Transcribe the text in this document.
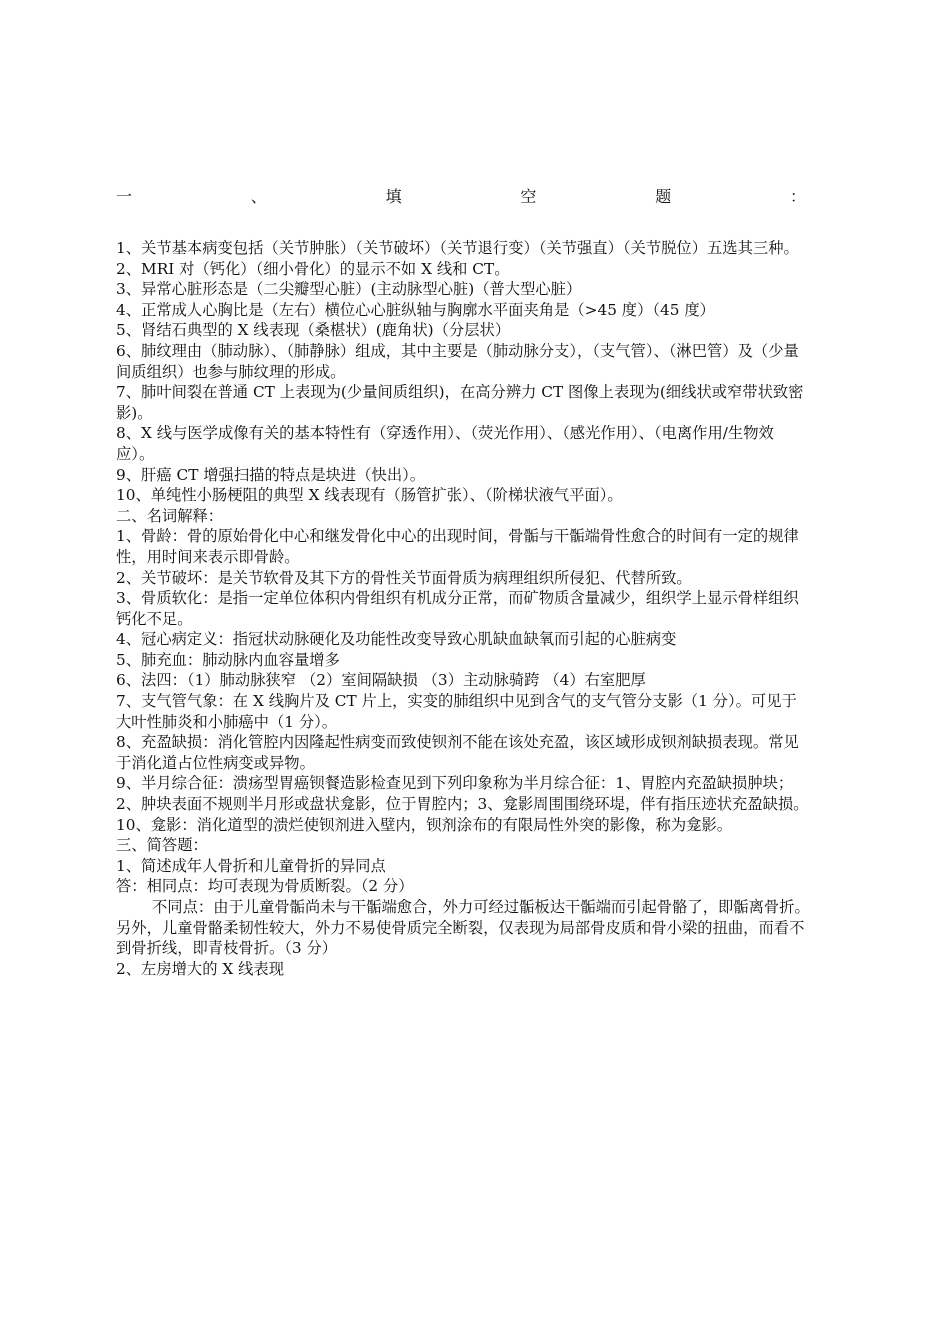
一	、	填	空	题	：

1、关节基本病变包括（关节肿胀）（关节破坏）（关节退行变）（关节强直）（关节脱位）五选其三种。

2、MRI 对（钙化）（细小骨化）的显示不如 X 线和 CT。

3、异常心脏形态是（二尖瓣型心脏）(主动脉型心脏)（普大型心脏）

4、正常成人心胸比是（左右）横位心心脏纵轴与胸廓水平面夹角是（>45 度）（45 度）

5、肾结石典型的 X 线表现（桑椹状）(鹿角状)（分层状）

6、肺纹理由（肺动脉）、（肺静脉）组成，其中主要是（肺动脉分支），（支气管）、（淋巴管）及（少量间质组织）也参与肺纹理的形成。

7、肺叶间裂在普通 CT 上表现为(少量间质组织)，在高分辨力 CT 图像上表现为(细线状或窄带状致密影)。

8、X 线与医学成像有关的基本特性有（穿透作用）、（荧光作用）、（感光作用）、（电离作用/生物效应）。

9、肝癌 CT 增强扫描的特点是块进（快出）。

10、单纯性小肠梗阻的典型 X 线表现有（肠管扩张）、（阶梯状液气平面）。

二、名词解释：

1、骨龄：骨的原始骨化中心和继发骨化中心的出现时间，骨骺与干骺端骨性愈合的时间有一定的规律性，用时间来表示即骨龄。

2、关节破坏：是关节软骨及其下方的骨性关节面骨质为病理组织所侵犯、代替所致。

3、骨质软化：是指一定单位体积内骨组织有机成分正常，而矿物质含量减少，组织学上显示骨样组织钙化不足。

4、冠心病定义：指冠状动脉硬化及功能性改变导致心肌缺血缺氧而引起的心脏病变

5、肺充血：肺动脉内血容量增多

6、法四：（1）肺动脉狭窄 （2）室间隔缺损 （3）主动脉骑跨 （4）右室肥厚

7、支气管气象：在 X 线胸片及 CT 片上，实变的肺组织中见到含气的支气管分支影（1 分）。可见于大叶性肺炎和小肺癌中（1 分）。

8、充盈缺损：消化管腔内因隆起性病变而致使钡剂不能在该处充盈，该区域形成钡剂缺损表现。常见于消化道占位性病变或异物。

9、半月综合征：溃疡型胃癌钡餐造影检查见到下列印象称为半月综合征：1、胃腔内充盈缺损肿块；2、肿块表面不规则半月形或盘状龛影，位于胃腔内；3、龛影周围围绕环堤，伴有指压迹状充盈缺损。

10、龛影：消化道型的溃烂使钡剂进入壁内，钡剂涂布的有限局性外突的影像，称为龛影。

三、简答题：

1、简述成年人骨折和儿童骨折的异同点

答：相同点：均可表现为骨质断裂。（2 分）

不同点：由于儿童骨骺尚未与干骺端愈合，外力可经过骺板达干骺端而引起骨骼了，即骺离骨折。另外，儿童骨骼柔韧性较大，外力不易使骨质完全断裂，仅表现为局部骨皮质和骨小梁的扭曲，而看不到骨折线，即青枝骨折。（3 分）

2、左房增大的 X 线表现
